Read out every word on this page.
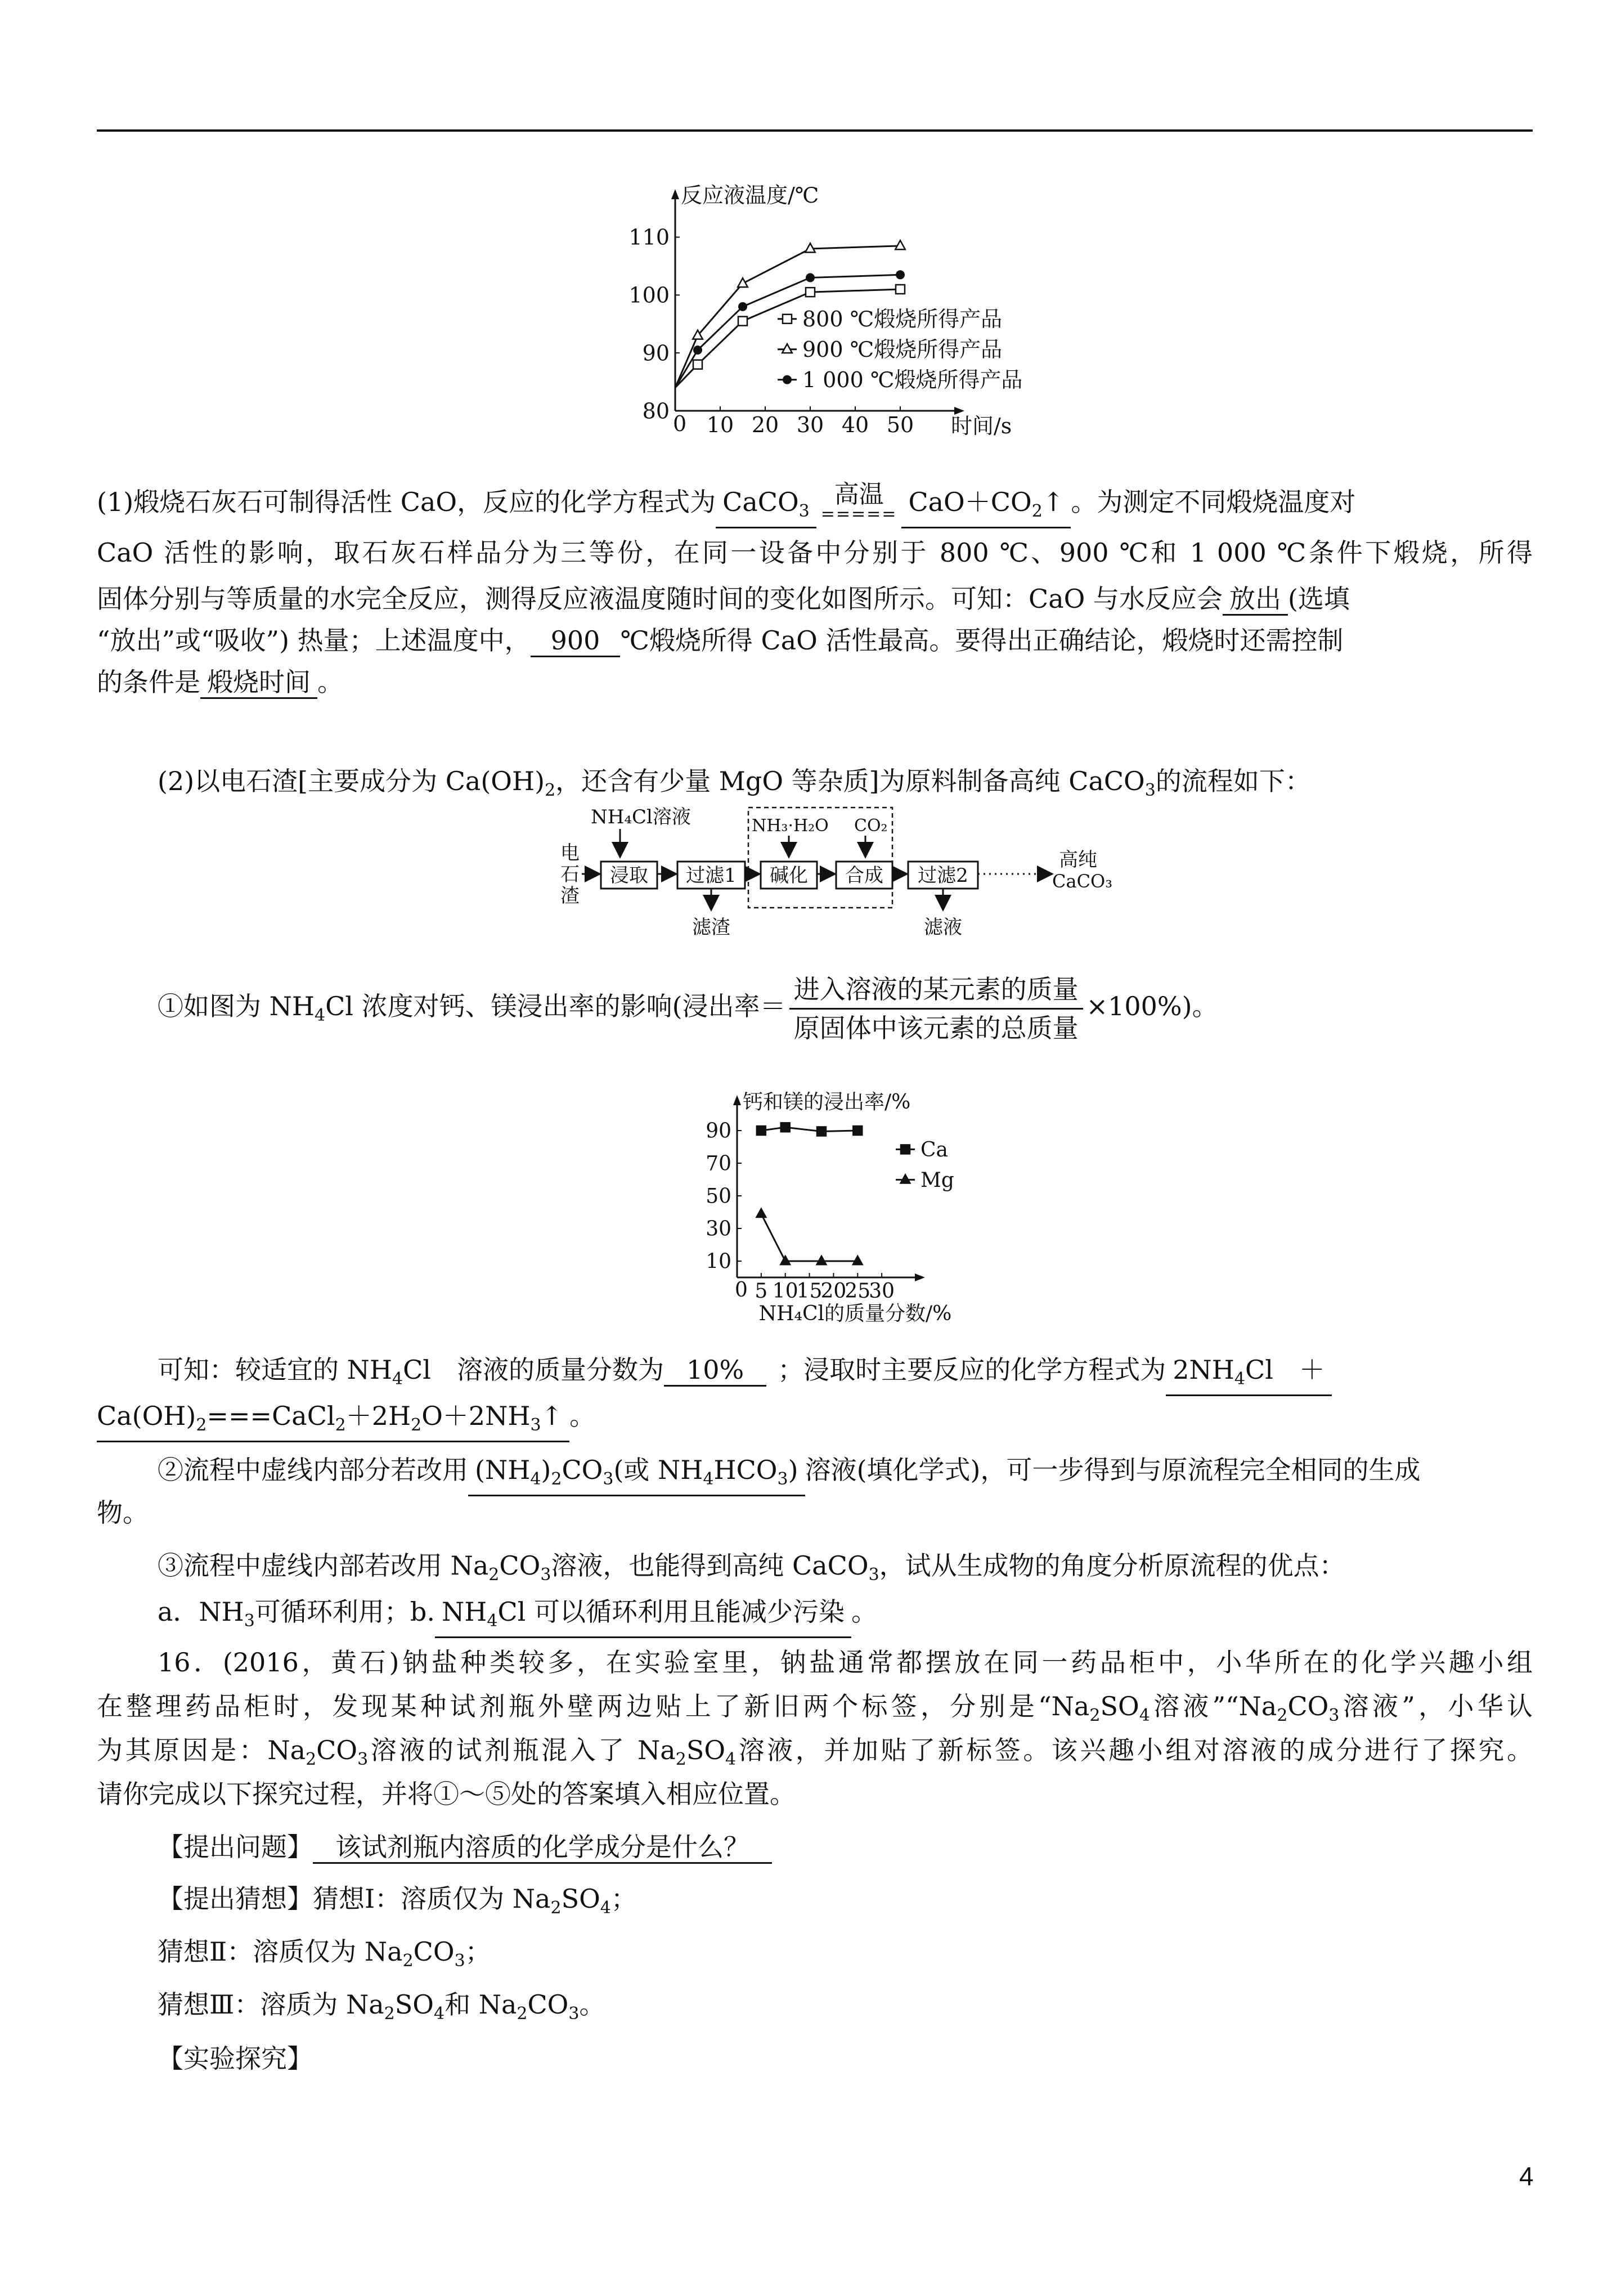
反应液温度/℃
时间/s
0
80
90
100
110
10 20 30 40 50
800 ℃煅烧所得产品
900 ℃煅烧所得产品
1 000 ℃煅烧所得产品
(1)煅烧石灰石可制得活性 CaO，反应的化学方程式为 CaCO$_3$
高温
===== $CaO+CO_2↑$ 。为测定不同煅烧温度对
CaO 活性的影响，取石灰石样品分为三等份，在同一设备中分别于 800 ℃、900 ℃和 1 000 ℃条件下煅烧，所得
固体分别与等质量的水完全反应，测得反应液温度随时间的变化如图所示。可知：CaO 与水反应会 放出 (选填
“放出”或“吸收”) 热量；上述温度中， 900 ℃煅烧所得 CaO 活性最高。要得出正确结论，煅烧时还需控制
的条件是 煅烧时间 。
(2)以电石渣[主要成分为 $Ca(OH)_2$，还含有少量 MgO 等杂质]为原料制备高纯 CaCO$_3$的流程如下：
NH₄Cl溶液
电
石
渣
浸取 过滤1
滤渣
NH₃·H₂O CO₂
碱化 合成 过滤2
滤液
高纯
CaCO₃
①如图为 $NH_4Cl$ 浓度对钙、镁浸出率的影响(浸出率＝ $\frac{\text{进入溶液的某元素的质量}}{\text{原固体中该元素的总质量}} \times 100\%$)。
钙和镁的浸出率/%
NH₄Cl的质量分数/%
0
10
30
50
70
90
5 10
15
20
25
30
Ca
Mg
可知：较适宜的 $NH_4Cl$　溶液的质量分数为 10% ；浸取时主要反应的化学方程式为 $2NH_4Cl$　＋
$Ca(OH)_2===CaCl_2+2H_2O+2NH_3↑$ 。
②流程中虚线内部分若改用 $(NH_4)_2CO_3$(或 $NH_4HCO_3$) 溶液(填化学式)，可一步得到与原流程完全相同的生成
物。
③流程中虚线内部若改用 $Na_2CO_3$溶液，也能得到高纯 CaCO$_3$，试从生成物的角度分析原流程的优点：
a．$NH_3$可循环利用；b. $NH_4Cl$ 可以循环利用且能减少污染 。
16．(2016，黄石)钠盐种类较多，在实验室里，钠盐通常都摆放在同一药品柜中，小华所在的化学兴趣小组
在整理药品柜时，发现某种试剂瓶外壁两边贴上了新旧两个标签，分别是“$Na_2SO_4$溶液$”“Na_2CO_3$溶液”，小华认
为其原因是：$Na_2CO_3$溶液的试剂瓶混入了 $Na_2SO_4$溶液，并加贴了新标签。该兴趣小组对溶液的成分进行了探究。
请你完成以下探究过程，并将①～⑤处的答案填入相应位置。
【提出问题】 该试剂瓶内溶质的化学成分是什么？
【提出猜想】猜想Ⅰ：溶质仅为 $Na_2SO_4$；
猜想Ⅱ：溶质仅为 $Na_2CO_3$；
猜想Ⅲ：溶质为 $Na_2SO_4$和 $Na_2CO_3$。
【实验探究】
4
